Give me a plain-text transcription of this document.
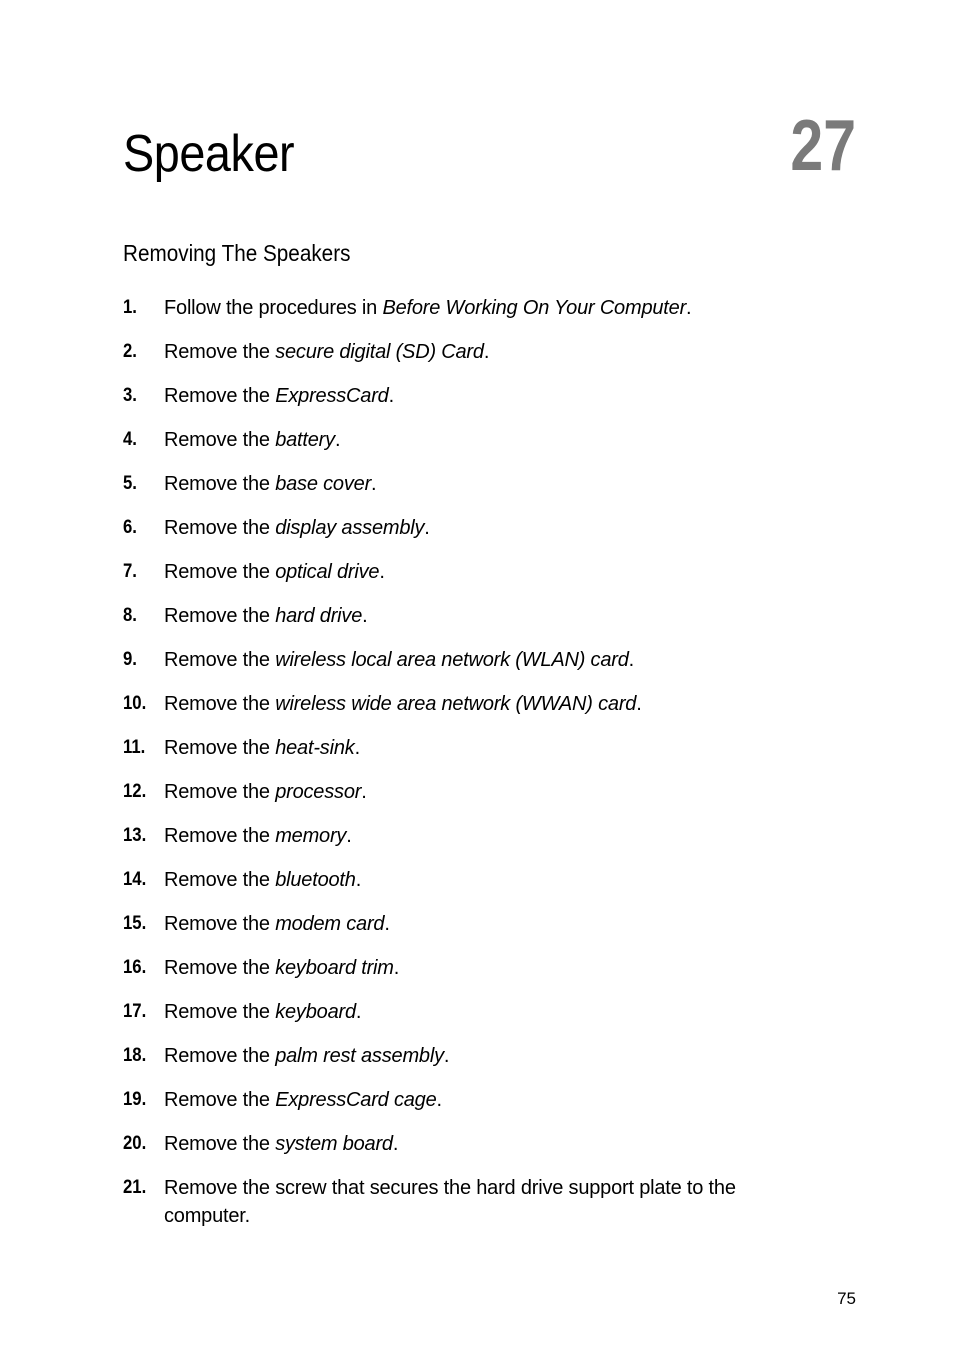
Speaker	27
Removing The Speakers
1.	Follow the procedures in Before Working On Your Computer.
2.	Remove the secure digital (SD) Card.
3.	Remove the ExpressCard.
4.	Remove the battery.
5.	Remove the base cover.
6.	Remove the display assembly.
7.	Remove the optical drive.
8.	Remove the hard drive.
9.	Remove the wireless local area network (WLAN) card.
10. Remove the wireless wide area network (WWAN) card.
11. Remove the heat-sink.
12. Remove the processor.
13. Remove the memory.
14. Remove the bluetooth.
15. Remove the modem card.
16. Remove the keyboard trim.
17. Remove the keyboard.
18. Remove the palm rest assembly.
19. Remove the ExpressCard cage.
20. Remove the system board.
21. Remove the screw that secures the hard drive support plate to the computer.
75
